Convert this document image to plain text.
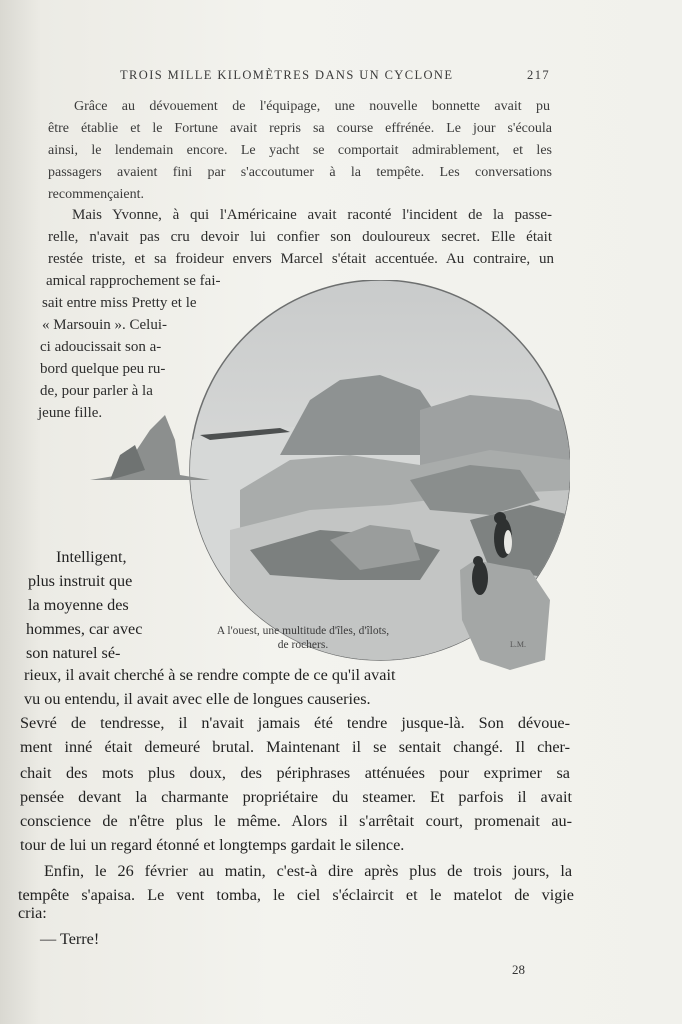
TROIS MILLE KILOMÈTRES DANS UN CYCLONE	217
Grâce au dévouement de l'équipage, une nouvelle bonnette avait pu
être établie et le Fortune avait repris sa course effrénée. Le jour s'écoula
ainsi, le lendemain encore. Le yacht se comportait admirablement, et les
passagers avaient fini par s'accoutumer à la tempête. Les conversations
recommençaient.
Mais Yvonne, à qui l'Américaine avait raconté l'incident de la passe-
relle, n'avait pas cru devoir lui confier son douloureux secret. Elle était
restée triste, et sa froideur envers Marcel s'était accentuée. Au contraire, un
amical rapprochement se fai-
sait entre miss Pretty et le
« Marsouin ». Celui-
ci adoucissait son a-
bord quelque peu ru-
de, pour parler à la
jeune fille.
L.M.
A l'ouest, une multitude d'îles, d'îlots,
de rochers.
Intelligent,
plus instruit que
la moyenne des
hommes, car avec
son naturel sé-
rieux, il avait cherché à se rendre compte de ce qu'il avait
vu ou entendu, il avait avec elle de longues causeries.
Sevré de tendresse, il n'avait jamais été tendre jusque-là. Son dévoue-
ment inné était demeuré brutal. Maintenant il se sentait changé. Il cher-
chait des mots plus doux, des périphrases atténuées pour exprimer sa
pensée devant la charmante propriétaire du steamer. Et parfois il avait
conscience de n'être plus le même. Alors il s'arrêtait court, promenait au-
tour de lui un regard étonné et longtemps gardait le silence.
Enfin, le 26 février au matin, c'est-à dire après plus de trois jours, la
tempête s'apaisa. Le vent tomba, le ciel s'éclaircit et le matelot de vigie
cria:
— Terre!
28
